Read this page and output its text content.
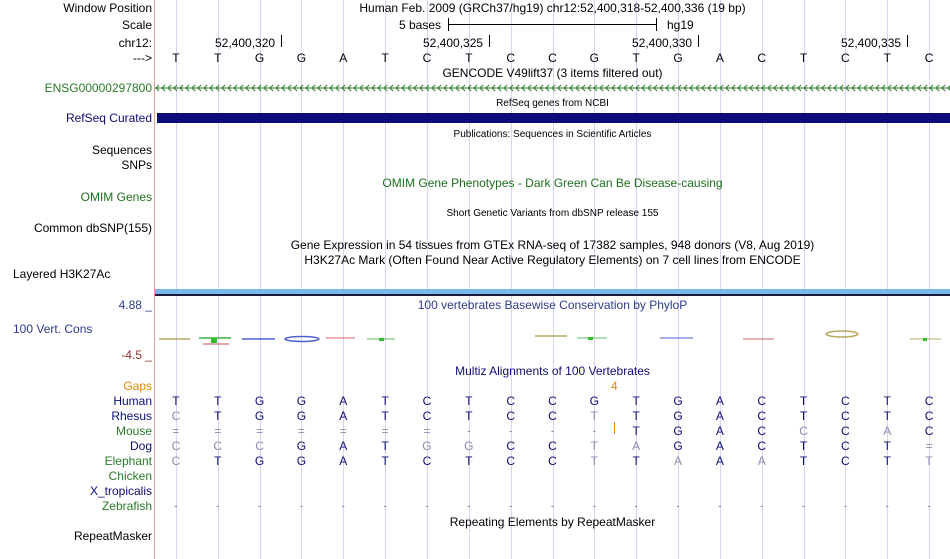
Window Position	Human Feb. 2009 (GRCh37/hg19) chr12:52,400,318-52,400,336 (19 bp)
Scale	5 bases	hg19
chr12:	52,400,320	52,400,325	52,400,330	52,400,335
--->	T	T	G	G	A	T	C	T	C	C	G	T	G	A	C	T	C	T	C
GENCODE V49lift37 (3 items filtered out)
ENSG00000297800
RefSeq genes from NCBI
RefSeq Curated
Publications: Sequences in Scientific Articles
Sequences
SNPs
OMIM Gene Phenotypes - Dark Green Can Be Disease-causing
OMIM Genes
Short Genetic Variants from dbSNP release 155
Common dbSNP(155)
Gene Expression in 54 tissues from GTEx RNA-seq of 17382 samples, 948 donors (V8, Aug 2019)
H3K27Ac Mark (Often Found Near Active Regulatory Elements) on 7 cell lines from ENCODE
Layered H3K27Ac
100 vertebrates Basewise Conservation by PhyloP
4.88 _
100 Vert. Cons
-4.5 _
Multiz Alignments of 100 Vertebrates
Gaps	4
Human	T	T	G	G	A	T	C	T	C	C	G	T	G	A	C	T	C	T	C
Rhesus	C	T	G	G	A	T	C	T	C	C	T	T	G	A	C	T	C	T	C
Mouse	=	=	=	=	=	=	=	-	-	-	-	T	G	A	C	C	C	A	C
Dog	C	C	C	G	A	T	G	G	C	C	T	A	G	A	C	T	C	T	=
Elephant	C	T	G	G	A	T	C	T	C	C	T	T	A	A	A	T	C	T	T
Chicken
X_tropicalis
Zebrafish	-	-	-	-	-	-	-	-	-	-	-	-	-	-	-	-	-	-	-
Repeating Elements by RepeatMasker
RepeatMasker
